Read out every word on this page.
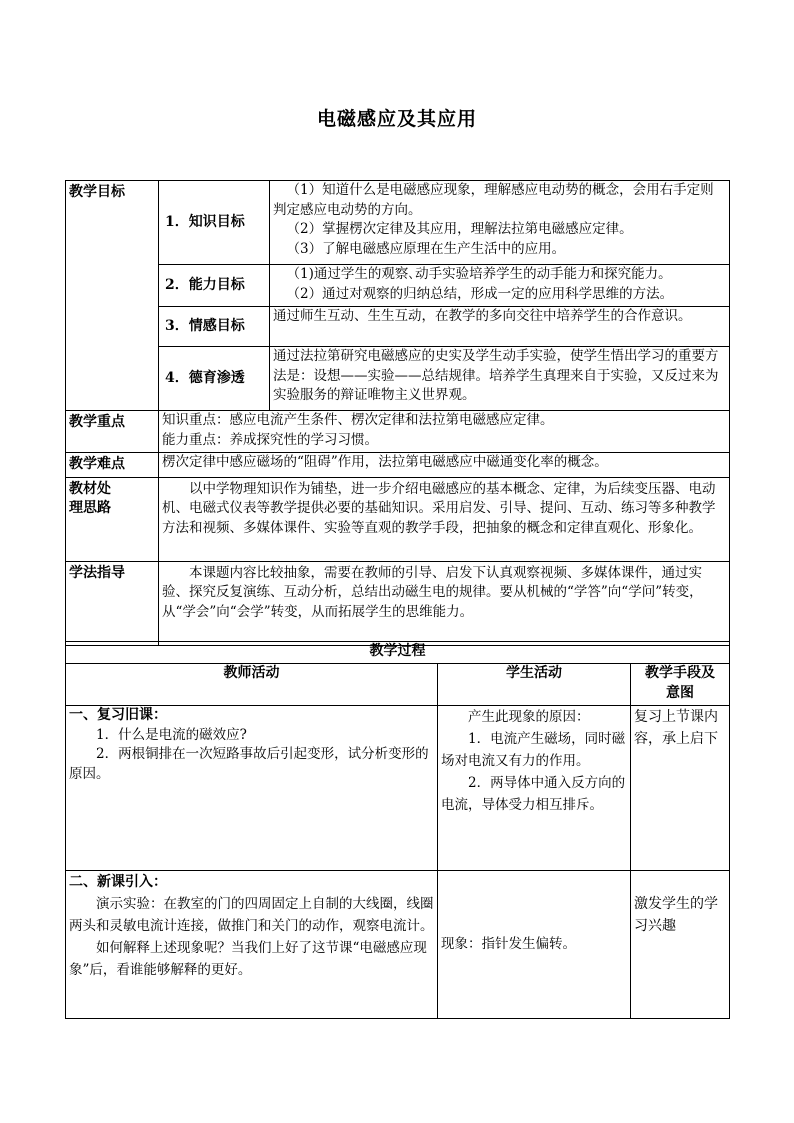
电磁感应及其应用
教学目标	1．知识目标	（1）知道什么是电磁感应现象，理解感应电动势的概念，会用右手定则判定感应电动势的方向。
（2）掌握楞次定律及其应用，理解法拉第电磁感应定律。
（3）了解电磁感应原理在生产生活中的应用。

	2．能力目标	（1)通过学生的观察､动手实验培养学生的动手能力和探究能力。
（2）通过对观察的归纳总结，形成一定的应用科学思维的方法。

	3．情感目标	通过师生互动、生生互动，在教学的多向交往中培养学生的合作意识。
	4．德育渗透	通过法拉第研究电磁感应的史实及学生动手实验，使学生悟出学习的重要方法是：设想——实验——总结规律。培养学生真理来自于实验，又反过来为实验服务的辩证唯物主义世界观。
教学重点	知识重点：感应电流产生条件、楞次定律和法拉第电磁感应定律。
能力重点：养成探究性的学习习惯。	

教学难点	楞次定律中感应磁场的“阻碍”作用，法拉第电磁感应中磁通变化率的概念。	

教材处
理思路	以中学物理知识作为铺垫，进一步介绍电磁感应的基本概念、定律，为后续变压器、电动机、电磁式仪表等教学提供必要的基础知识。采用启发、引导、提问、互动、练习等多种教学方法和视频、多媒体课件、实验等直观的教学手段，把抽象的概念和定律直观化、形象化。	

学法指导	本课题内容比较抽象，需要在教师的引导、启发下认真观察视频、多媒体课件，通过实验、探究反复演练、互动分析，总结出动磁生电的规律。要从机械的“学答”向“学问”转变，从“学会”向“会学”转变，从而拓展学生的思维能力。	
教学过程		
教师活动	学生活动	教学手段及
意图

一、复习旧课：
1．什么是电流的磁效应?
2．两根铜排在一次短路事故后引起变形，试分析变形的原因。	产生此现象的原因：
1．电流产生磁场，同时磁场对电流又有力的作用。
2．两导体中通入反方向的电流，导体受力相互排斥。	复习上节课内容，承上启下

二、新课引入：
演示实验：在教室的门的四周固定上自制的大线圈，线圈两头和灵敏电流计连接，做推门和关门的动作，观察电流计。
如何解释上述现象呢？当我们上好了这节课“电磁感应现象”后，看谁能够解释的更好。	现象：指针发生偏转。	激发学生的学习兴趣
